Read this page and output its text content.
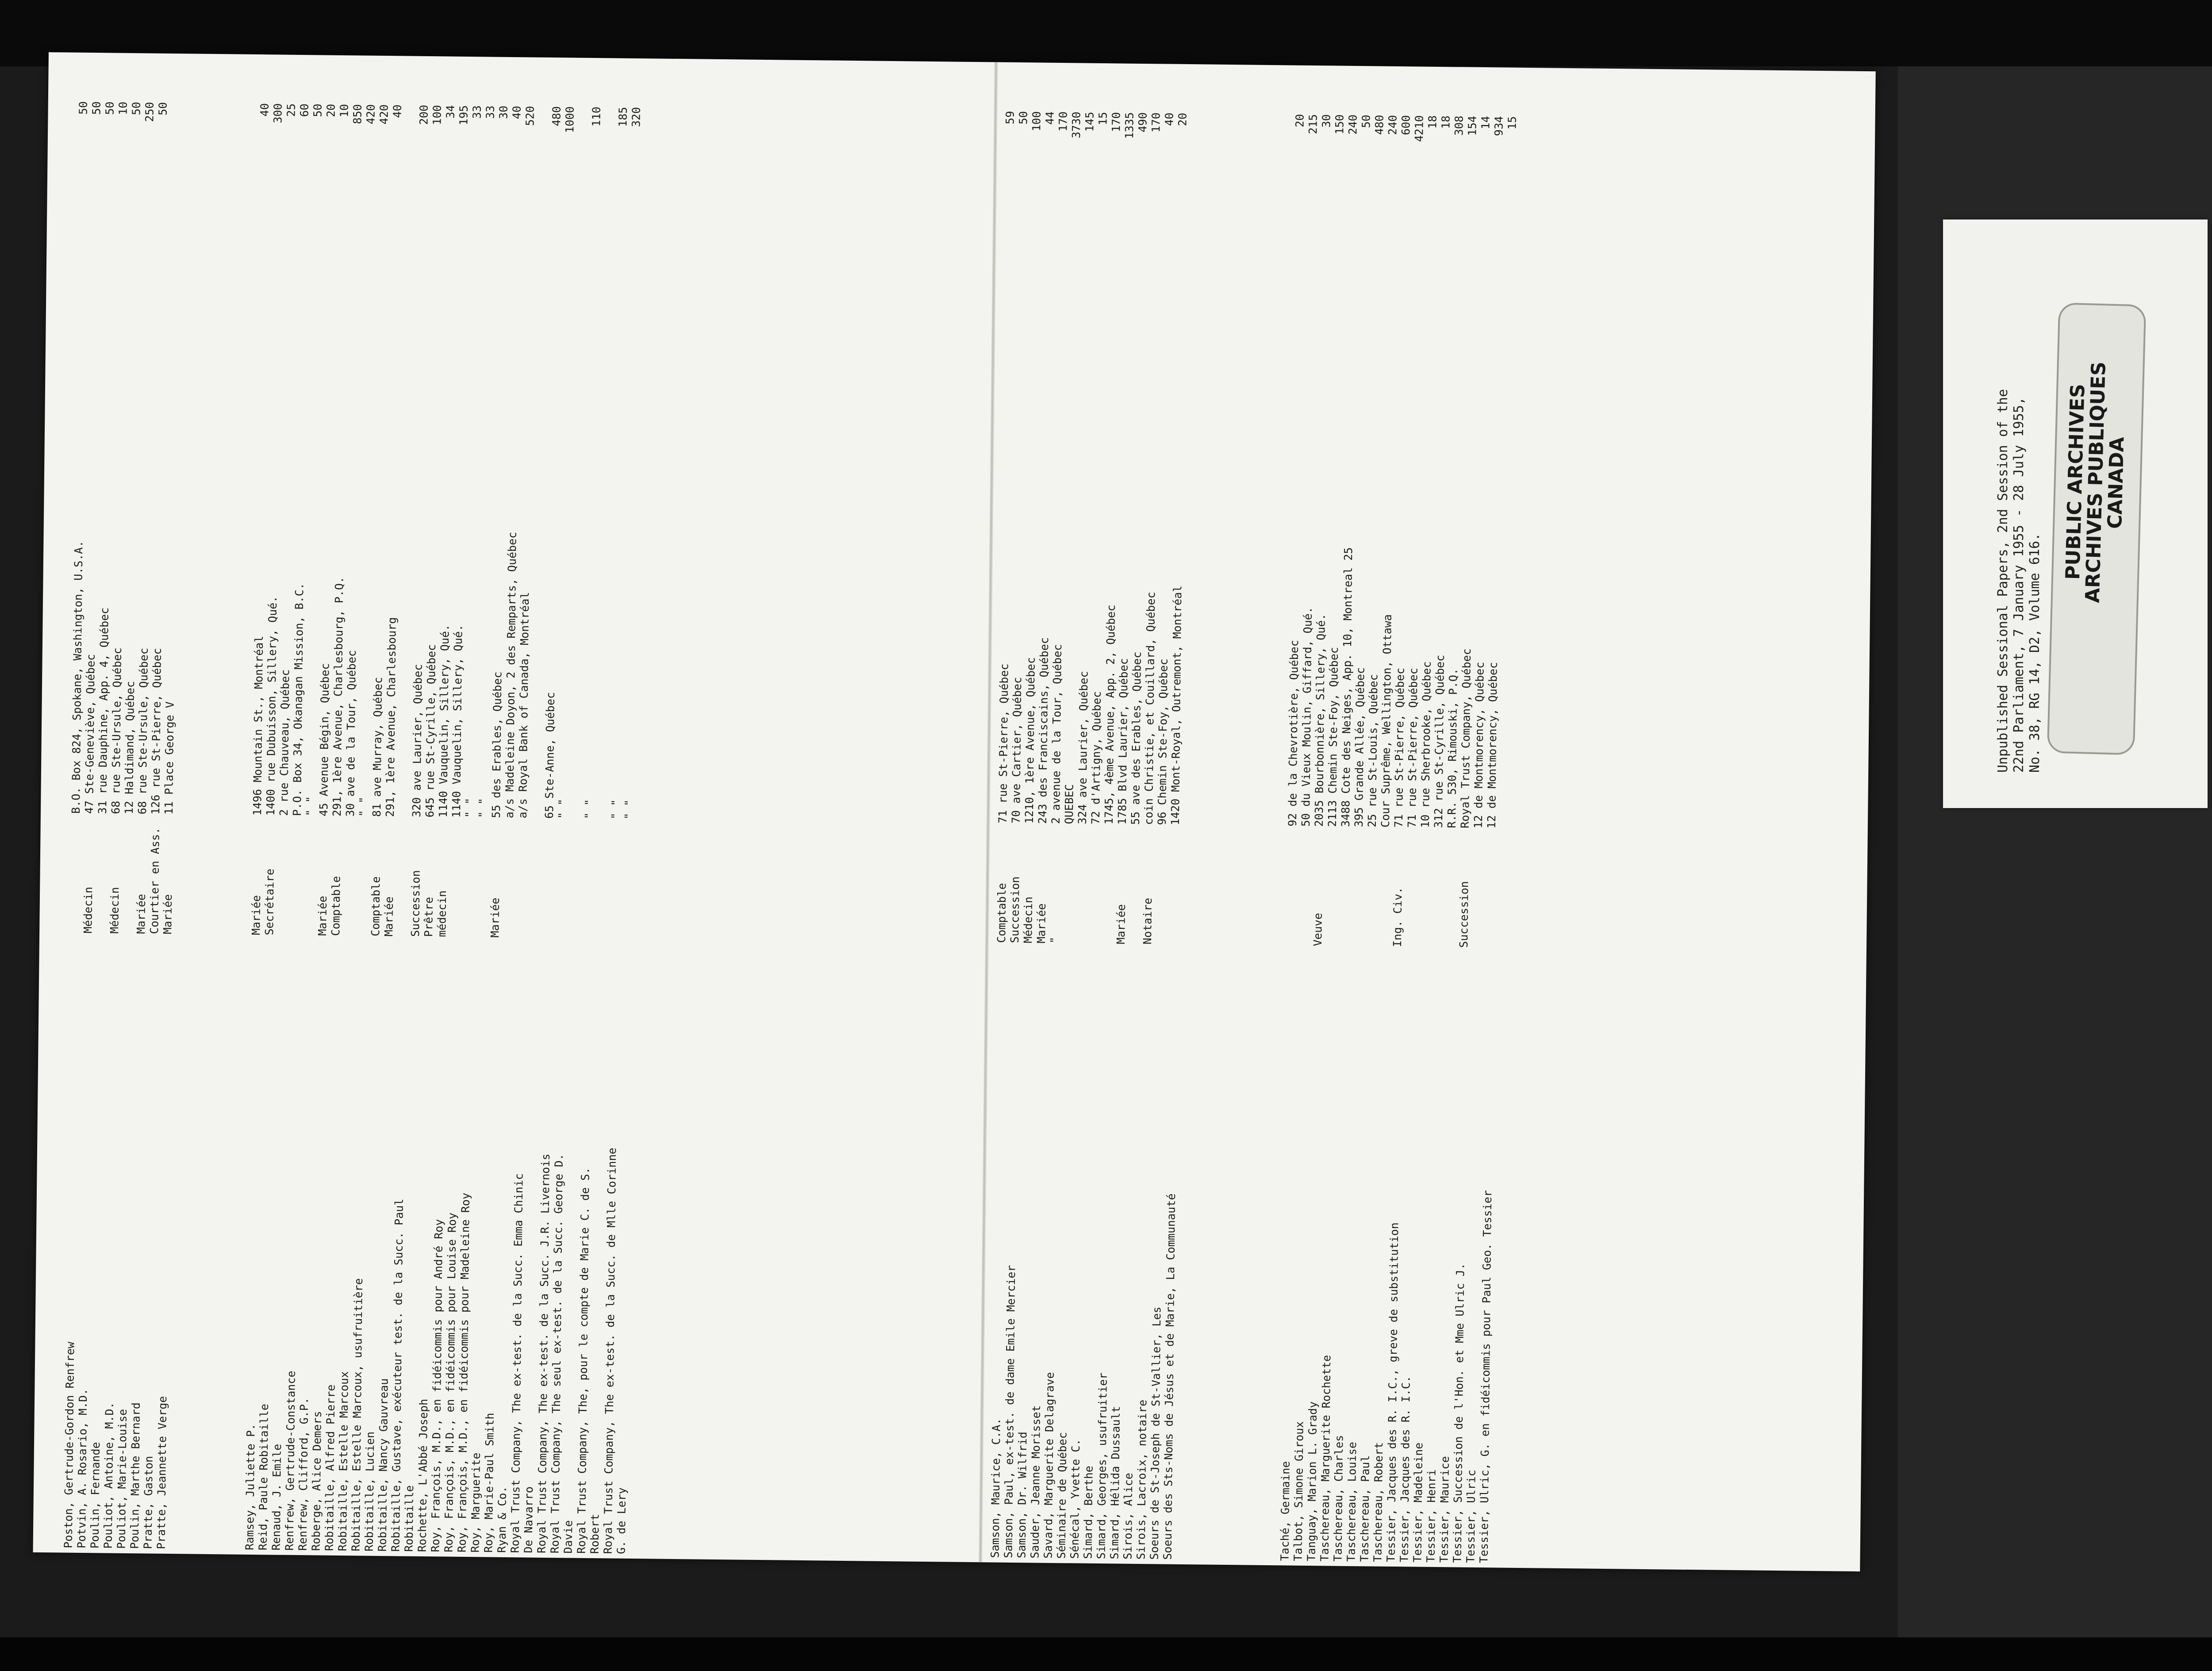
Poston, Gertrude-Gordon Renfrew
B.O. Box 824, Spokane, Washington, U.S.A.
50
Potvin, A. Rosario, M.D.
Médecin
47 Ste-Geneviève, Québec
50
Poulin, Fernande
31 rue Dauphine, App. 4, Québec
50
Pouliot, Antoine, M.D.
Médecin
68 rue Ste-Ursule, Québec
10
Pouliot, Marie-Louise
12 Haldimand, Québec
50
Poulin, Marthe Bernard
Mariée
68 rue Ste-Ursule, Québec
250
Pratte, Gaston
Courtier en Ass.
126 rue St-Pierre, Québec
50
Pratte, Jeannette Verge
Mariée
11 Place George V
Ramsey, Juliette P.
Mariée
1496 Mountain St., Montréal
40
Reid, Paule Robitaille
Secrétaire
1400 rue Dubuisson, Sillery, Qué.
300
Renaud, J. Emile
2 rue Chauveau, Québec
25
Renfrew, Gertrude-Constance
P.O. Box 34, Okanagan Mission, B.C.
60
Renfrew, Clifford, G.P.
" "
50
Roberge, Alice Demers
Mariée
45 Avenue Bégin, Québec
20
Robitaille, Alfred Pierre
Comptable
291, 1ère Avenue, Charlesbourg, P.Q.
10
Robitaille, Estelle Marcoux
30 ave de la Tour, Québec
850
Robitaille, Estelle Marcoux, usufruitière
" "
420
Robitaille, Lucien
Comptable
81 ave Murray, Québec
420
Robitaille, Nancy Gauvreau
Mariée
291, 1ère Avenue, Charlesbourg
40
Robitaille, Gustave, exécuteur test. de la Succ. Paul
Robitaille
Succession
320 ave Laurier, Québec
200
Rochette, L'Abbé Joseph
Prêtre
645 rue St-Cyrille, Québec
100
Roy, François, M.D., en fidéicommis pour André Roy
médecin
1140 Vauquelin, Sillery, Qué.
34
Roy, François, M.D., en fidéicommis pour Louise Roy
1140 Vauquelin, Sillery, Qué.
195
Roy, François, M.D., en fidéicommis pour Madeleine Roy
" "
33
Roy, Marguerite
" "
33
Roy, Marie-Paul Smith
Mariée
55 des Erables, Québec
30
Ryan & Co.
a/s Madeleine Doyon, 2 des Remparts, Québec
40
Royal Trust Company, The ex-test. de la Succ. Emma Chinic
a/s Royal Bank of Canada, Montréal
520
De Navarro Royal Trust Company, The ex-test. de la Succ. J.R. Livernois
65 Ste-Anne, Québec
480
Royal Trust Company, The seul ex-test. de la Succ. George D.
" "
1000
Davie Royal Trust Company, The, pour le compte de Marie C. de S.
" "
110
Robert Royal Trust Company, The ex-test. de la Succ. de Mlle Corinne
" "
185
G. de Lery
" "
320
Samson, Maurice, C.A.
Comptable
71 rue St-Pierre, Québec
59
Samson, Paul, ex-test. de dame Emile Mercier
Succession
70 ave Cartier, Québec
50
Samson, Dr. Wilfrid
Médecin
1210, 1ère Avenue, Québec
100
Sauder, Jeanne Morisset
Mariée
243 des Franciscains, Québec
44
Savard, Marguerite Delagrave
"
2 avenue de la Tour, Québec
170
Séminaire de Québec
QUEBEC
3730
Sénécal, Yvette C.
324 ave Laurier, Québec
145
Simard, Berthe
72 d'Artigny, Québec
15
Simard, Georges, usufruitier
1745, 4ème Avenue, App. 2, Québec
170
Simard, Hélida Dussault
Mariée
1785 Blvd Laurier, Québec
1335
Sirois, Alice
55 ave des Erables, Québec
490
Sirois, Lacroix, notaire
Notaire
coin Christie, et Couillard, Québec
170
Soeurs de St-Joseph de St-Vallier, Les
96 Chemin Ste-Foy, Québec
40
Soeurs des Sts-Noms de Jésus et de Marie, La Communauté
1420 Mont-Royal, Outremont, Montréal
20
Taché, Germaine
92 de la Chevrotière, Québec
20
Talbot, Simone Giroux
50 du Vieux Moulin, Giffard, Qué.
215
Tanguay, Marion L. Grady
Veuve
2035 Bourbonnière, Sillery, Qué.
30
Taschereau, Marguerite Rochette
2113 Chemin Ste-Foy, Québec
150
Taschereau, Charles
3488 Cote des Neiges, App. 10, Montreal 25
240
Taschereau, Louise
395 Grande Allée, Québec
50
Taschereau, Paul
25 rue St-Louis, Québec
480
Taschereau, Robert
Cour Suprême, Wellington, Ottawa
240
Tessier, Jacques des R. I.C., greve de substitution
Ing. Civ.
71 rue St-Pierre, Québec
600
Tessier, Jacques des R. I.C.
71 rue St-Pierre, Québec
4210
Tessier, Madeleine
10 rue Sherbrooke, Québec
18
Tessier, Henri
312 rue St-Cyrille, Québec
18
Tessier, Maurice
R.R. 530, Rimouski, P.Q.
308
Tessier, Succession de l'Hon. et Mme Ulric J.
Succession
Royal Trust Company, Québec
154
Tessier, Ulric
12 de Montmorency, Québec
14
Tessier, Ulric, G. en fidéicommis pour Paul Geo. Tessier
12 de Montmorency, Québec
934 15
Unpublished Sessional Papers, 2nd Session of the 22nd Parliament, 7 January 1955 - 28 July 1955, No. 38, RG 14, D2, Volume 616.
PUBLIC ARCHIVES
ARCHIVES PUBLIQUES
CANADA
